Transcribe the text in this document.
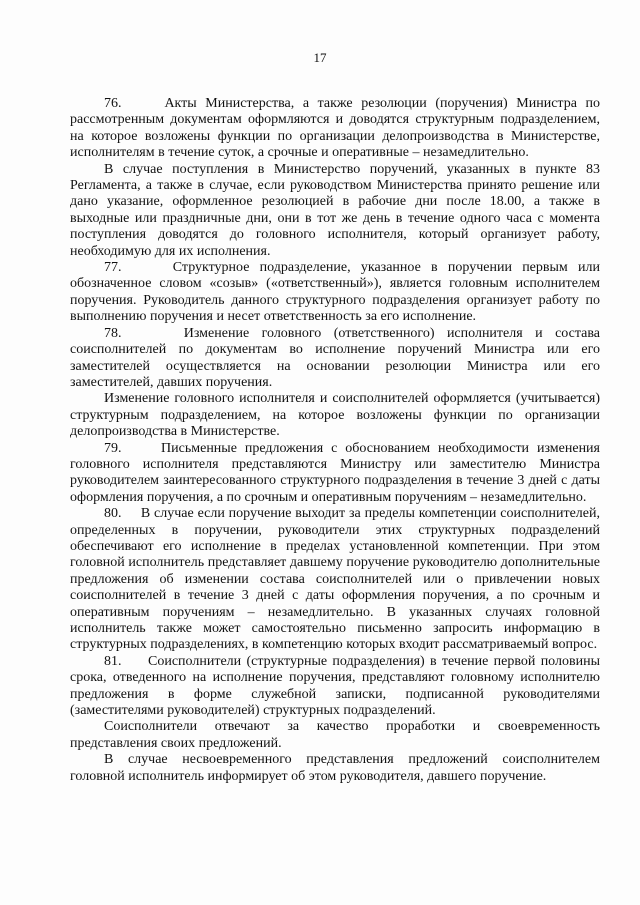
17

76.     Акты Министерства, а также резолюции (поручения) Министра по рассмотренным документам оформляются и доводятся структурным подразделением, на которое возложены функции по организации делопроизводства в Министерстве, исполнителям в течение суток, а срочные и оперативные – незамедлительно.

В случае поступления в Министерство поручений, указанных в пункте 83 Регламента, а также в случае, если руководством Министерства принято решение или дано указание, оформленное резолюцией в рабочие дни после 18.00, а также в выходные или праздничные дни, они в тот же день в течение одного часа с момента поступления доводятся до головного исполнителя, который организует работу, необходимую для их исполнения.

77.     Структурное подразделение, указанное в поручении первым или обозначенное словом «созыв» («ответственный»), является головным исполнителем поручения. Руководитель данного структурного подразделения организует работу по выполнению поручения и несет ответственность за его исполнение.

78.     Изменение головного (ответственного) исполнителя и состава соисполнителей по документам во исполнение поручений Министра или его заместителей осуществляется на основании резолюции Министра или его заместителей, давших поручения.

Изменение головного исполнителя и соисполнителей оформляется (учитывается) структурным подразделением, на которое возложены функции по организации делопроизводства в Министерстве.

79.     Письменные предложения с обоснованием необходимости изменения головного исполнителя представляются Министру или заместителю Министра руководителем заинтересованного структурного подразделения в течение 3 дней с даты оформления поручения, а по срочным и оперативным поручениям – незамедлительно.

80.     В случае если поручение выходит за пределы компетенции соисполнителей, определенных в поручении, руководители этих структурных подразделений обеспечивают его исполнение в пределах установленной компетенции. При этом головной исполнитель представляет давшему поручение руководителю дополнительные предложения об изменении состава соисполнителей или о привлечении новых соисполнителей в течение 3 дней с даты оформления поручения, а по срочным и оперативным поручениям – незамедлительно. В указанных случаях головной исполнитель также может самостоятельно письменно запросить информацию в структурных подразделениях, в компетенцию которых входит рассматриваемый вопрос.

81.     Соисполнители (структурные подразделения) в течение первой половины срока, отведенного на исполнение поручения, представляют головному исполнителю предложения в форме служебной записки, подписанной руководителями (заместителями руководителей) структурных подразделений.

Соисполнители отвечают за качество проработки и своевременность представления своих предложений.

В случае несвоевременного представления предложений соисполнителем головной исполнитель информирует об этом руководителя, давшего поручение.
